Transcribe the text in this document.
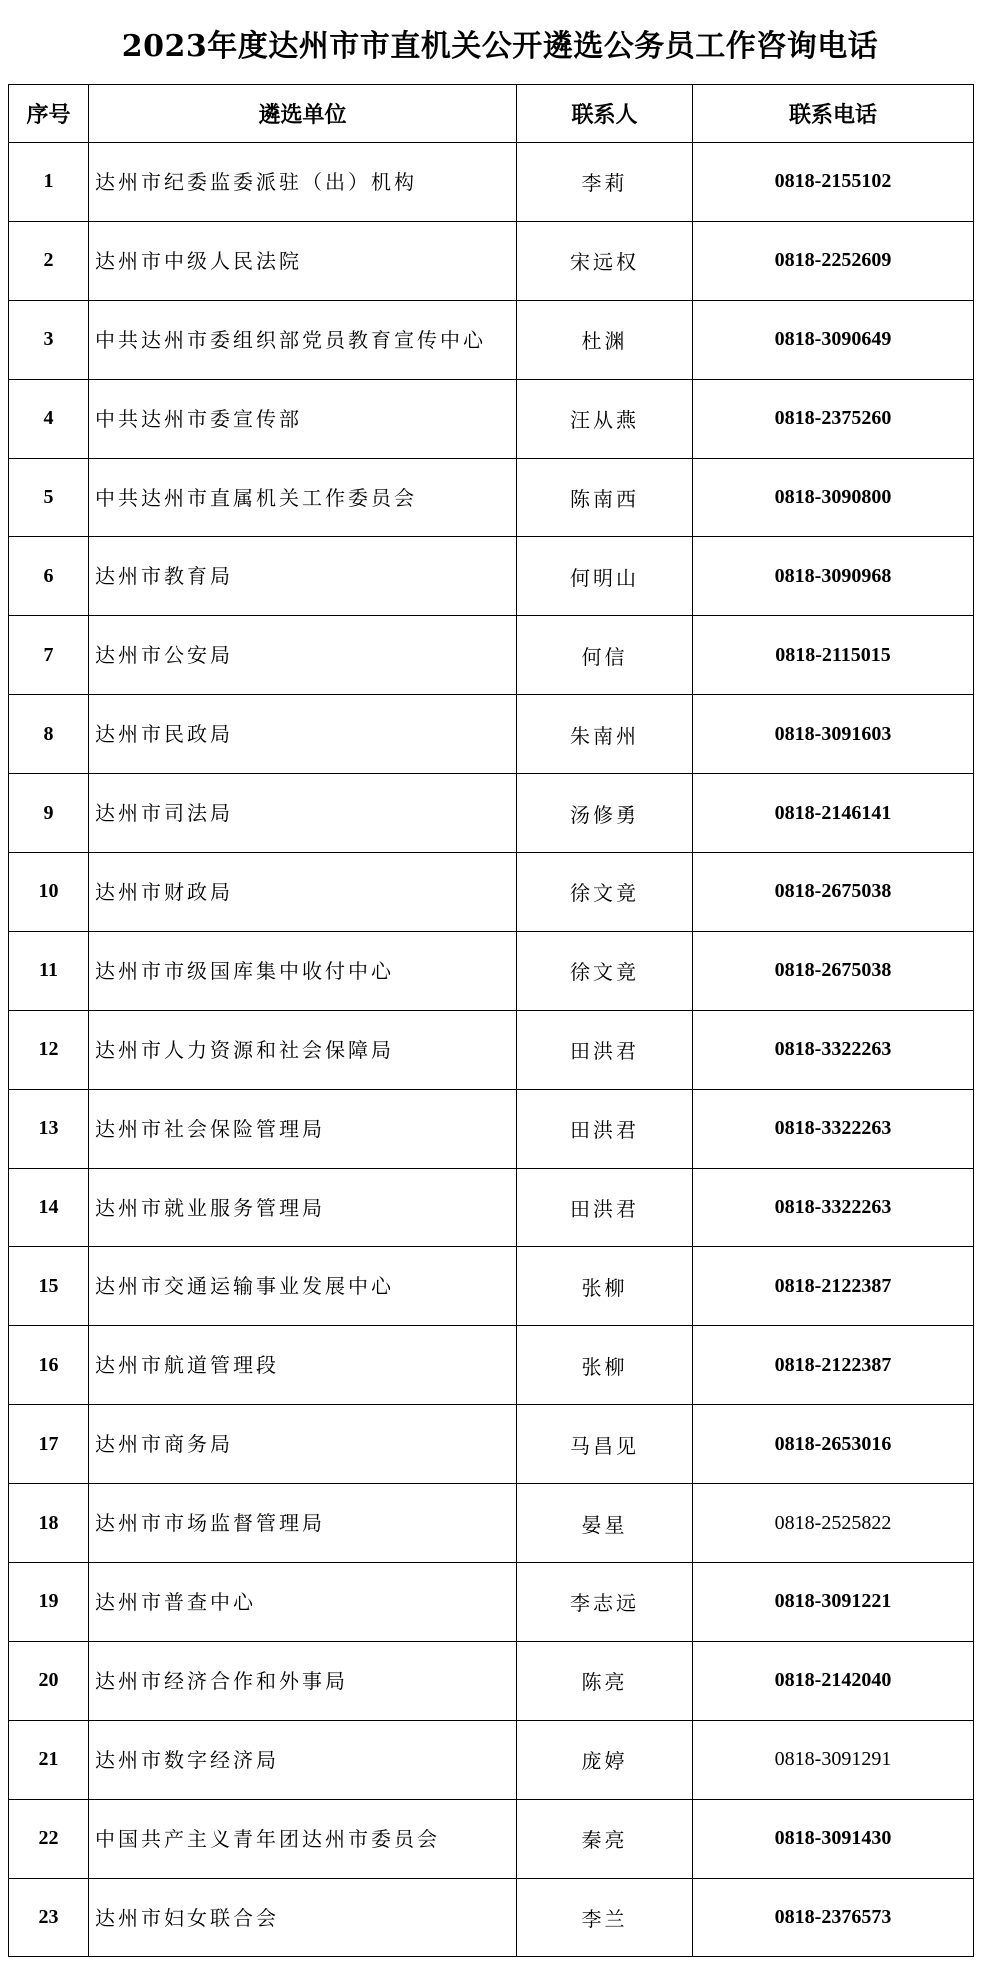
2023年度达州市市直机关公开遴选公务员工作咨询电话
序号	遴选单位	联系人	联系电话
1	达州市纪委监委派驻（出）机构	李莉	0818-2155102
2	达州市中级人民法院	宋远权	0818-2252609
3	中共达州市委组织部党员教育宣传中心	杜渊	0818-3090649
4	中共达州市委宣传部	汪从燕	0818-2375260
5	中共达州市直属机关工作委员会	陈南西	0818-3090800
6	达州市教育局	何明山	0818-3090968
7	达州市公安局	何信	0818-2115015
8	达州市民政局	朱南州	0818-3091603
9	达州市司法局	汤修勇	0818-2146141
10	达州市财政局	徐文竟	0818-2675038
11	达州市市级国库集中收付中心	徐文竟	0818-2675038
12	达州市人力资源和社会保障局	田洪君	0818-3322263
13	达州市社会保险管理局	田洪君	0818-3322263
14	达州市就业服务管理局	田洪君	0818-3322263
15	达州市交通运输事业发展中心	张柳	0818-2122387
16	达州市航道管理段	张柳	0818-2122387
17	达州市商务局	马昌见	0818-2653016
18	达州市市场监督管理局	晏星	0818-2525822
19	达州市普查中心	李志远	0818-3091221
20	达州市经济合作和外事局	陈亮	0818-2142040
21	达州市数字经济局	庞婷	0818-3091291
22	中国共产主义青年团达州市委员会	秦亮	0818-3091430
23	达州市妇女联合会	李兰	0818-2376573
